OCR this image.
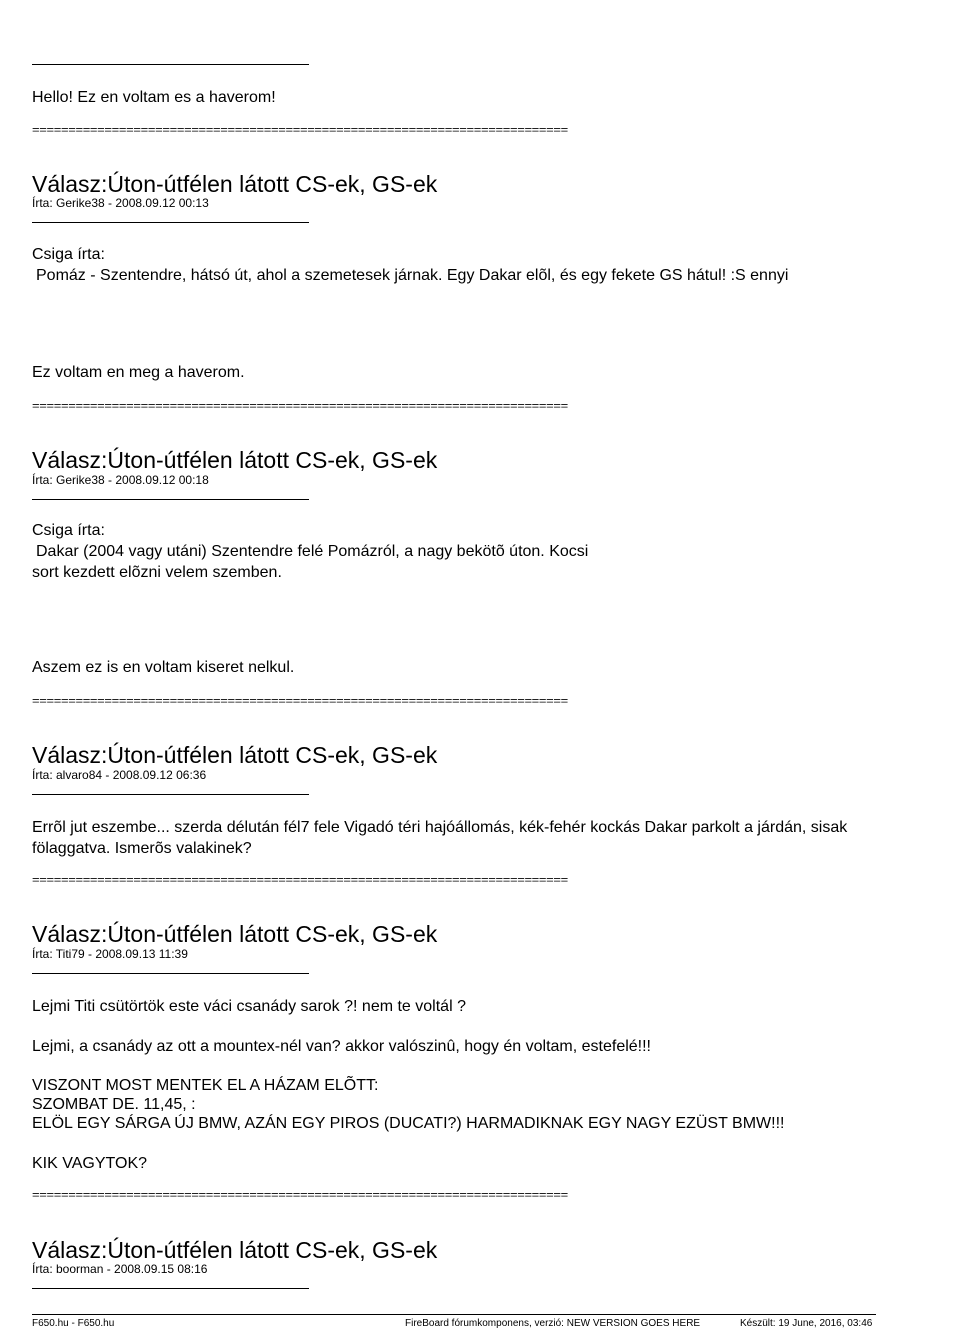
Hello! Ez en voltam es a haverom!
==========================================================================
Válasz:Úton-útfélen látott CS-ek, GS-ek
Írta: Gerike38 - 2008.09.12 00:13
Csiga írta:
Pomáz - Szentendre, hátsó út, ahol a szemetesek járnak. Egy Dakar elõl, és egy fekete GS hátul! :S ennyi
Ez voltam en meg a haverom.
==========================================================================
Válasz:Úton-útfélen látott CS-ek, GS-ek
Írta: Gerike38 - 2008.09.12 00:18
Csiga írta:
Dakar (2004 vagy utáni) Szentendre felé Pomázról, a nagy bekötõ úton. Kocsi
sort kezdett elõzni velem szemben.
Aszem ez is en voltam kiseret nelkul.
==========================================================================
Válasz:Úton-útfélen látott CS-ek, GS-ek
Írta: alvaro84 - 2008.09.12 06:36
Errõl jut eszembe... szerda délután fél7 fele Vigadó téri hajóállomás, kék-fehér kockás Dakar parkolt a járdán, sisak
fölaggatva. Ismerõs valakinek?
==========================================================================
Válasz:Úton-útfélen látott CS-ek, GS-ek
Írta: Titi79 - 2008.09.13 11:39
Lejmi Titi csütörtök este váci csanády sarok ?! nem te voltál ?
Lejmi, a csanády az ott a mountex-nél van? akkor valószinû, hogy én voltam, estefelé!!!
VISZONT MOST MENTEK EL A HÁZAM ELÕTT:
SZOMBAT DE. 11,45, :
ELÖL EGY SÁRGA ÚJ BMW, AZÁN EGY PIROS (DUCATI?) HARMADIKNAK EGY NAGY EZÜST BMW!!!
KIK VAGYTOK?
==========================================================================
Válasz:Úton-útfélen látott CS-ek, GS-ek
Írta: boorman - 2008.09.15 08:16
F650.hu - F650.hu	FireBoard fórumkomponens, verzió: NEW VERSION GOES HERE	Készült: 19 June, 2016, 03:46
